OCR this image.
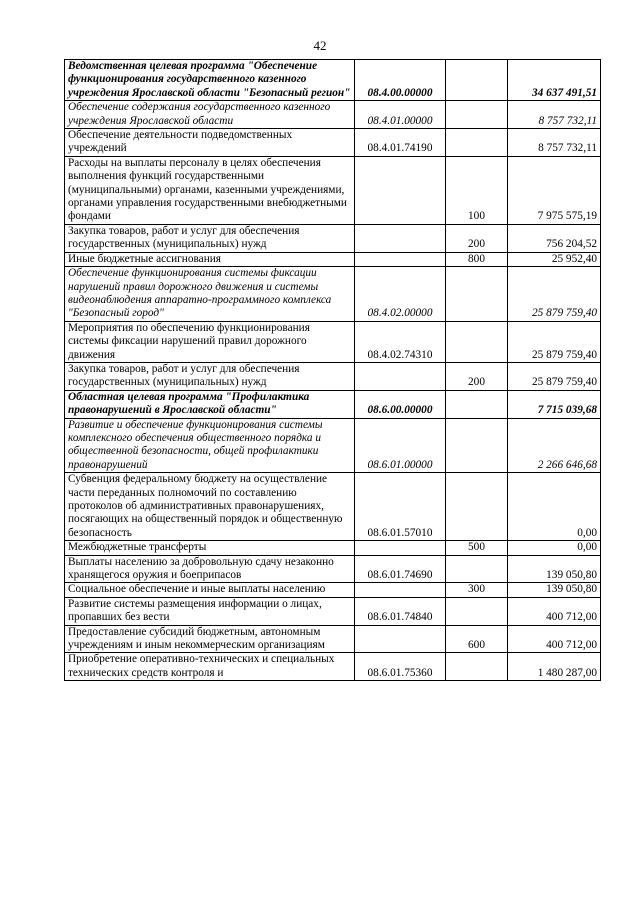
42
Ведомственная целевая программа "Обеспечение функционирования государственного казенного учреждения Ярославской области "Безопасный регион"	08.4.00.00000		34 637 491,51
Обеспечение содержания государственного казенного учреждения Ярославской области	08.4.01.00000		8 757 732,11
Обеспечение деятельности подведомственных учреждений	08.4.01.74190		8 757 732,11
Расходы на выплаты персоналу в целях обеспечения выполнения функций государственными (муниципальными) органами, казенными учреждениями, органами управления государственными внебюджетными фондами		100	7 975 575,19
Закупка товаров, работ и услуг для обеспечения государственных (муниципальных) нужд		200	756 204,52
Иные бюджетные ассигнования		800	25 952,40
Обеспечение функционирования системы фиксации нарушений правил дорожного движения и системы видеонаблюдения аппаратно-программного комплекса "Безопасный город"	08.4.02.00000		25 879 759,40
Мероприятия по обеспечению функционирования системы фиксации нарушений правил дорожного движения	08.4.02.74310		25 879 759,40
Закупка товаров, работ и услуг для обеспечения государственных (муниципальных) нужд		200	25 879 759,40
Областная целевая программа "Профилактика правонарушений в Ярославской области"	08.6.00.00000		7 715 039,68
Развитие и обеспечение функционирования системы комплексного обеспечения общественного порядка и общественной безопасности, общей профилактики правонарушений	08.6.01.00000		2 266 646,68
Субвенция федеральному бюджету на осуществление части переданных полномочий по составлению протоколов об административных правонарушениях, посягающих на общественный порядок и общественную безопасность	08.6.01.57010		0,00
Межбюджетные трансферты		500	0,00
Выплаты населению за добровольную сдачу незаконно хранящегося оружия и боеприпасов	08.6.01.74690		139 050,80
Социальное обеспечение и иные выплаты населению		300	139 050,80
Развитие системы размещения информации о лицах, пропавших без вести	08.6.01.74840		400 712,00
Предоставление субсидий бюджетным, автономным учреждениям и иным некоммерческим организациям		600	400 712,00
Приобретение оперативно-технических и специальных технических средств контроля и	08.6.01.75360		1 480 287,00
